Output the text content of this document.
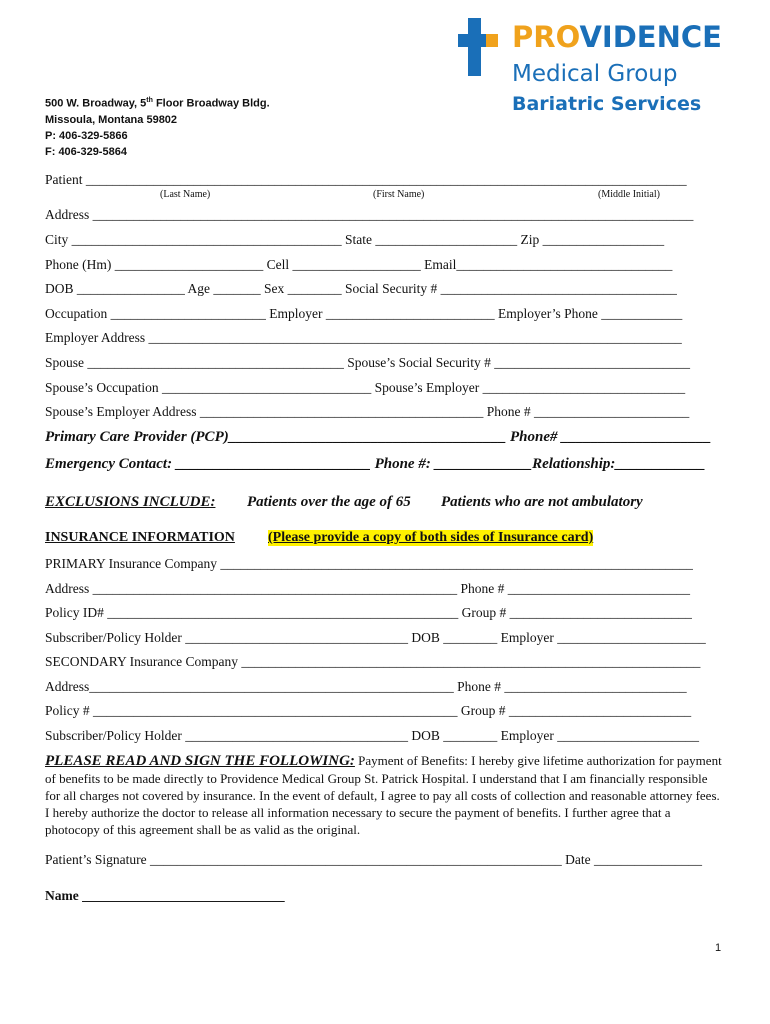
PROVIDENCE
Medical Group
Bariatric Services
500 W. Broadway, 5th Floor Broadway Bldg.
Missoula, Montana 59802
P: 406-329-5866
F: 406-329-5864
Patient _________________________________________________________________________________________
(Last Name)	(First Name)	(Middle Initial)
Address _________________________________________________________________________________________
City ________________________________________ State _____________________ Zip __________________
Phone (Hm) ______________________ Cell ___________________ Email________________________________
DOB ________________ Age _______ Sex ________ Social Security # ___________________________________
Occupation _______________________ Employer _________________________ Employer’s Phone ____________
Employer Address _______________________________________________________________________________
Spouse ______________________________________ Spouse’s Social Security # _____________________________
Spouse’s Occupation _______________________________ Spouse’s Employer ______________________________
Spouse’s Employer Address __________________________________________ Phone # _______________________
Primary Care Provider (PCP)_____________________________________ Phone# ____________________
Emergency Contact: __________________________ Phone #: _____________Relationship:____________
EXCLUSIONS INCLUDE: Patients over the age of 65 Patients who are not ambulatory
INSURANCE INFORMATION (Please provide a copy of both sides of Insurance card)
PRIMARY Insurance Company ______________________________________________________________________
Address ______________________________________________________ Phone # ___________________________
Policy ID# ____________________________________________________ Group # ___________________________
Subscriber/Policy Holder _________________________________ DOB ________ Employer ______________________
SECONDARY Insurance Company ____________________________________________________________________
Address______________________________________________________ Phone # ___________________________
Policy # ______________________________________________________ Group # ___________________________
Subscriber/Policy Holder _________________________________ DOB ________ Employer _____________________
PLEASE READ AND SIGN THE FOLLOWING: Payment of Benefits: I hereby give lifetime authorization for payment of benefits to be made directly to Providence Medical Group St. Patrick Hospital. I understand that I am financially responsible for all charges not covered by insurance. In the event of default, I agree to pay all costs of collection and reasonable attorney fees. I hereby authorize the doctor to release all information necessary to secure the payment of benefits. I further agree that a photocopy of this agreement shall be as valid as the original.
Patient’s Signature _____________________________________________________________ Date ________________
Name ______________________________
1
